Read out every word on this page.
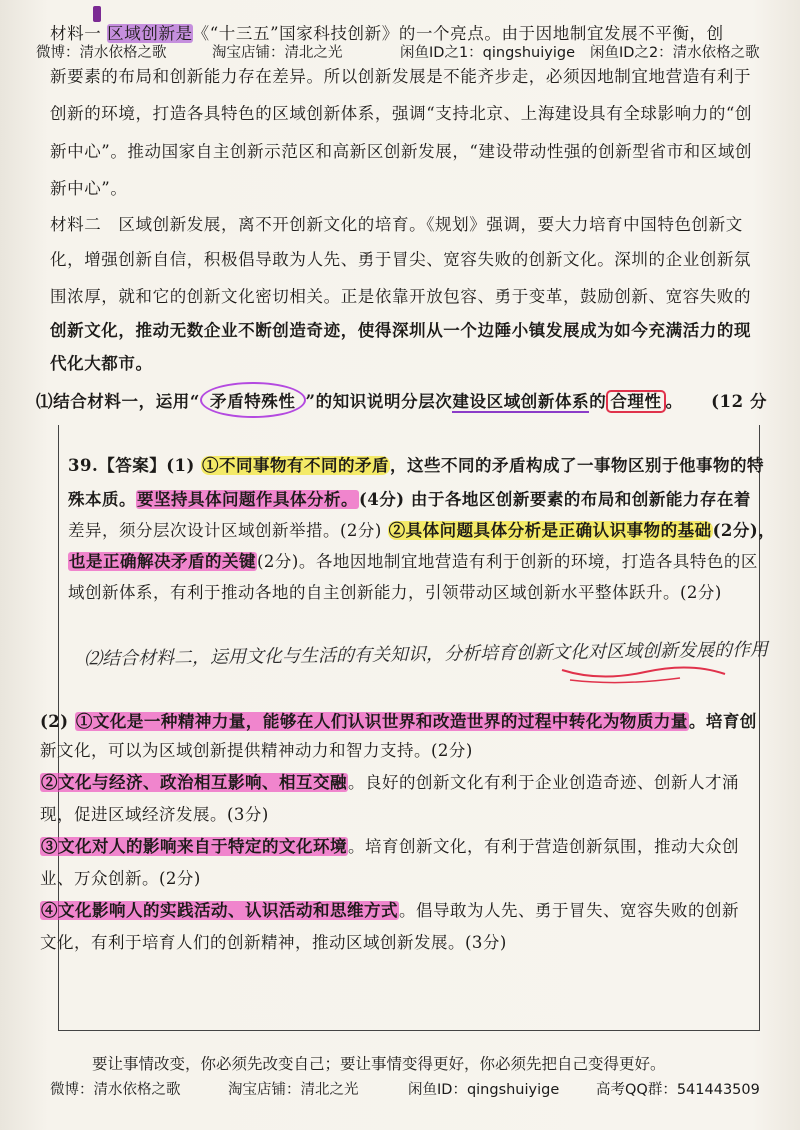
微博：清水依格之歌	淘宝店铺：清北之光	闲鱼ID之1：qingshuiyige 闲鱼ID之2：清水依格之歌
材料一 区域创新是《“十三五”国家科技创新》的一个亮点。由于因地制宜发展不平衡，创
新要素的布局和创新能力存在差异。所以创新发展是不能齐步走，必须因地制宜地营造有利于
创新的环境，打造各具特色的区域创新体系，强调“支持北京、上海建设具有全球影响力的“创
新中心”。推动国家自主创新示范区和高新区创新发展，“建设带动性强的创新型省市和区域创
新中心”。
材料二　区域创新发展，离不开创新文化的培育。《规划》强调，要大力培育中国特色创新文
化，增强创新自信，积极倡导敢为人先、勇于冒尖、宽容失败的创新文化。深圳的企业创新氛
围浓厚，就和它的创新文化密切相关。正是依靠开放包容、勇于变革，鼓励创新、宽容失败的
创新文化，推动无数企业不断创造奇迹，使得深圳从一个边陲小镇发展成为如今充满活力的现
代化大都市。
⑴结合材料一，运用“ 矛盾特殊性 ”的知识说明分层次建设区域创新体系的 合理性 。 (12 分
39.【答案】(1) ①不同事物有不同的矛盾，这些不同的矛盾构成了一事物区别于他事物的特
殊本质。要坚持具体问题作具体分析。(4分) 由于各地区创新要素的布局和创新能力存在着
差异，须分层次设计区域创新举措。(2分) ②具体问题具体分析是正确认识事物的基础(2分)，
也是正确解决矛盾的关键(2分)。各地因地制宜地营造有利于创新的环境，打造各具特色的区
域创新体系，有利于推动各地的自主创新能力，引领带动区域创新水平整体跃升。(2分)
⑵结合材料二，运用文化与生活的有关知识，分析培育创新文化对区域创新发展的作用
(2) ①文化是一种精神力量，能够在人们认识世界和改造世界的过程中转化为物质力量。培育创
新文化，可以为区域创新提供精神动力和智力支持。(2分)
②文化与经济、政治相互影响、相互交融。良好的创新文化有利于企业创造奇迹、创新人才涌
现，促进区域经济发展。(3分)
③文化对人的影响来自于特定的文化环境。培育创新文化，有利于营造创新氛围，推动大众创
业、万众创新。(2分)
④文化影响人的实践活动、认识活动和思维方式。倡导敢为人先、勇于冒失、宽容失败的创新
文化，有利于培育人们的创新精神，推动区域创新发展。(3分)
要让事情改变，你必须先改变自己；要让事情变得更好，你必须先把自己变得更好。
微博：清水依格之歌	淘宝店铺：清北之光	闲鱼ID：qingshuiyige	高考QQ群：541443509
